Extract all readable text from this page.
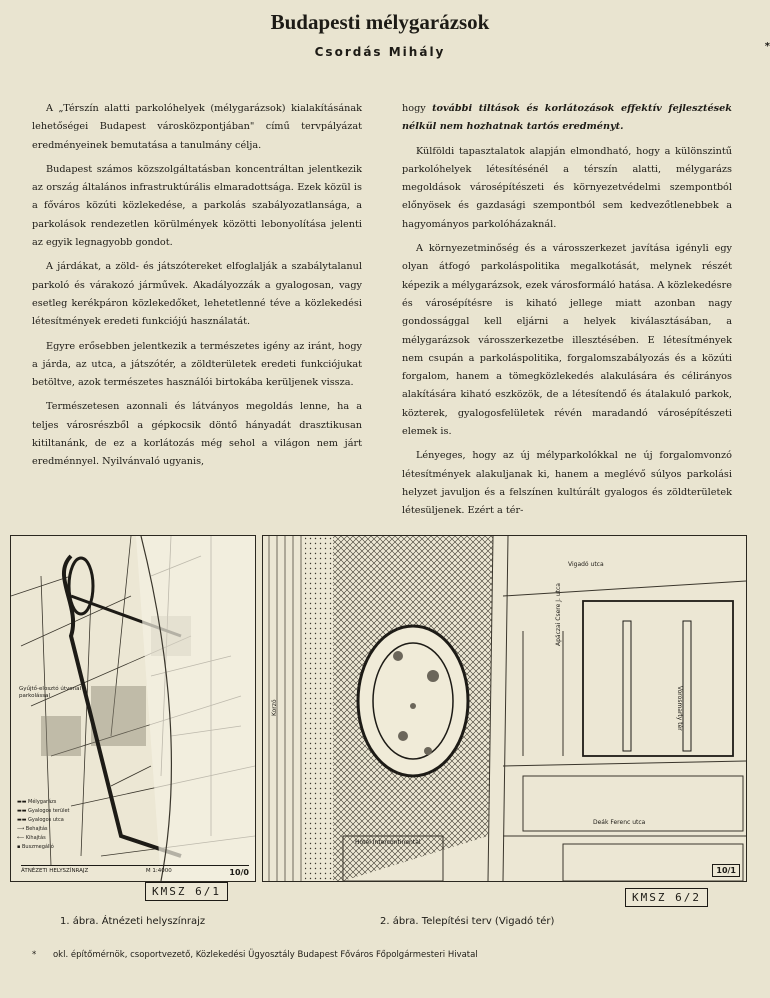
Budapesti mélygarázsok
Csordás Mihály	*

A „Térszín alatti parkolóhelyek (mélygarázsok) kialakításának lehetőségei Budapest városközpontjában" című tervpályázat eredményeinek bemutatása a tanulmány célja.

Budapest számos közszolgáltatásban koncentráltan jelentkezik az ország általános infrastruktúrális elmaradottsága. Ezek közül is a főváros közúti közlekedése, a parkolás szabályozatlansága, a parkolások rendezetlen körülmények közötti lebonyolítása jelenti az egyik legnagyobb gondot.

A járdákat, a zöld- és játszótereket elfoglalják a szabálytalanul parkoló és várakozó járművek. Akadályozzák a gyalogosan, vagy esetleg kerékpáron közlekedőket, lehetetlenné téve a közlekedési létesítmények eredeti funkciójú használatát.

Egyre erősebben jelentkezik a természetes igény az iránt, hogy a járda, az utca, a játszótér, a zöldterületek eredeti funkciójukat betöltve, azok természetes használói birtokába kerüljenek vissza.

Természetesen azonnali és látványos megoldás lenne, ha a teljes városrészből a gépkocsik döntő hányadát drasztikusan kitiltanánk, de ez a korlátozás még sehol a világon nem járt eredménnyel. Nyilvánvaló ugyanis,

hogy további tiltások és korlátozások effektív fejlesztések nélkül nem hozhatnak tartós eredményt.

Külföldi tapasztalatok alapján elmondható, hogy a különszintű parkolóhelyek létesítésénél a térszín alatti, mélygarázs megoldások városépítészeti és környezetvédelmi szempontból előnyösek és gazdasági szempontból sem kedvezőtlenebbek a hagyományos parkolóházaknál.

A környezetminőség és a városszerkezet javítása igényli egy olyan átfogó parkoláspolitika megalkotását, melynek részét képezik a mélygarázsok, ezek városformáló hatása. A közlekedésre és városépítésre is kiható jellege miatt azonban nagy gondossággal kell eljárni a helyek kiválasztásában, a mélygarázsok városszerkezetbe illesztésében. E létesítmények nem csupán a parkoláspolitika, forgalomszabályozás és a közúti forgalom, hanem a tömegközlekedés alakulására és célirányos alakítására kiható eszközök, de a létesítendő és átalakuló parkok, közterek, gyalogosfelületek révén maradandó városépítészeti elemek is.

Lényeges, hogy az új mélyparkolókkal ne új forgalomvonzó létesítmények alakuljanak ki, hanem a meglévő súlyos parkolási helyzet javuljon és a felszínen kultúrált gyalogos és zöldterületek létesüljenek. Ezért a tér-

Gyűjtő-elosztó útvonal parkolással
▬▬ Mélygarázs
▬▬ Gyalogos terület
▬▬ Gyalogos utca
⟶ Behajtás
⟵ Kihajtás
▪ Buszmegálló
ÁTNÉZETI HELYSZÍNRAJZ	M 1:4000	10/0
Vigadó utca
Vörösmarty tér
Apáczai Csere J. utca
Deák Ferenc utca
Hotel Intercontinental
Korzó
10/1
KMSZ 6/1	KMSZ 6/2
1. ábra. Átnézeti helyszínrajz	2. ábra. Telepítési terv (Vigadó tér)
* okl. építőmérnök, csoportvezető, Közlekedési Ügyosztály Budapest Főváros Főpolgármesteri Hivatal
